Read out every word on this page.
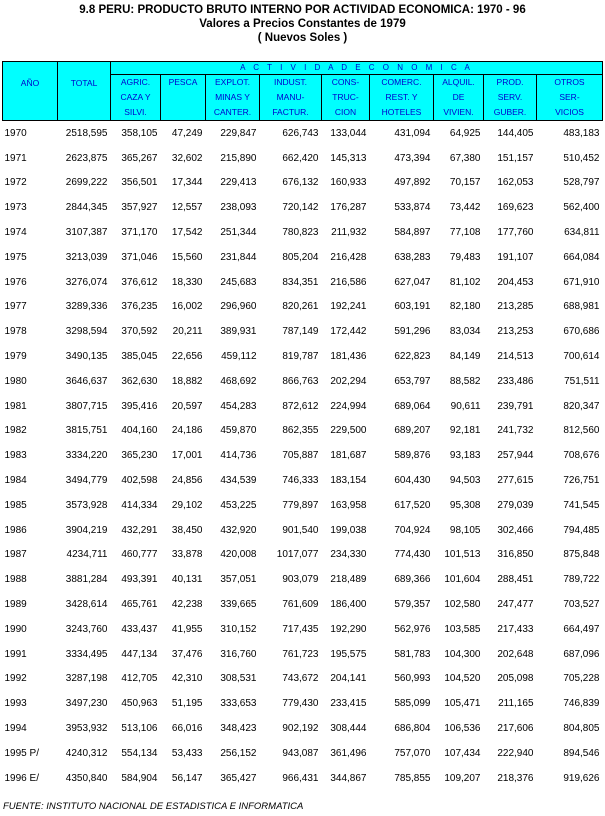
9.8 PERU: PRODUCTO BRUTO INTERNO POR ACTIVIDAD ECONOMICA: 1970 - 96
Valores a Precios Constantes de 1979
( Nuevos Soles )
AÑO	TOTAL	A C T I V I D A D E C O N O M I C A								
		AGRIC.	PESCA	EXPLOT.	INDUST.	CONS-	COMERC.	ALQUIL.	PROD.	OTROS
		CAZA Y		MINAS Y	MANU-	TRUC-	REST. Y	DE	SERV.	SER-
		SILVI.		CANTER.	FACTUR.	CION	HOTELES	VIVIEN.	GUBER.	VICIOS
1970	2518,595	358,105	47,249	229,847	626,743	133,044	431,094	64,925	144,405	483,183
1971	2623,875	365,267	32,602	215,890	662,420	145,313	473,394	67,380	151,157	510,452
1972	2699,222	356,501	17,344	229,413	676,132	160,933	497,892	70,157	162,053	528,797
1973	2844,345	357,927	12,557	238,093	720,142	176,287	533,874	73,442	169,623	562,400
1974	3107,387	371,170	17,542	251,344	780,823	211,932	584,897	77,108	177,760	634,811
1975	3213,039	371,046	15,560	231,844	805,204	216,428	638,283	79,483	191,107	664,084
1976	3276,074	376,612	18,330	245,683	834,351	216,586	627,047	81,102	204,453	671,910
1977	3289,336	376,235	16,002	296,960	820,261	192,241	603,191	82,180	213,285	688,981
1978	3298,594	370,592	20,211	389,931	787,149	172,442	591,296	83,034	213,253	670,686
1979	3490,135	385,045	22,656	459,112	819,787	181,436	622,823	84,149	214,513	700,614
1980	3646,637	362,630	18,882	468,692	866,763	202,294	653,797	88,582	233,486	751,511
1981	3807,715	395,416	20,597	454,283	872,612	224,994	689,064	90,611	239,791	820,347
1982	3815,751	404,160	24,186	459,870	862,355	229,500	689,207	92,181	241,732	812,560
1983	3334,220	365,230	17,001	414,736	705,887	181,687	589,876	93,183	257,944	708,676
1984	3494,779	402,598	24,856	434,539	746,333	183,154	604,430	94,503	277,615	726,751
1985	3573,928	414,334	29,102	453,225	779,897	163,958	617,520	95,308	279,039	741,545
1986	3904,219	432,291	38,450	432,920	901,540	199,038	704,924	98,105	302,466	794,485
1987	4234,711	460,777	33,878	420,008	1017,077	234,330	774,430	101,513	316,850	875,848
1988	3881,284	493,391	40,131	357,051	903,079	218,489	689,366	101,604	288,451	789,722
1989	3428,614	465,761	42,238	339,665	761,609	186,400	579,357	102,580	247,477	703,527
1990	3243,760	433,437	41,955	310,152	717,435	192,290	562,976	103,585	217,433	664,497
1991	3334,495	447,134	37,476	316,760	761,723	195,575	581,783	104,300	202,648	687,096
1992	3287,198	412,705	42,310	308,531	743,672	204,141	560,993	104,520	205,098	705,228
1993	3497,230	450,963	51,195	333,653	779,430	233,415	585,099	105,471	211,165	746,839
1994	3953,932	513,106	66,016	348,423	902,192	308,444	686,804	106,536	217,606	804,805
1995 P/	4240,312	554,134	53,433	256,152	943,087	361,496	757,070	107,434	222,940	894,546
1996 E/	4350,840	584,904	56,147	365,427	966,431	344,867	785,855	109,207	218,376	919,626
FUENTE: INSTITUTO NACIONAL DE ESTADISTICA E INFORMATICA
